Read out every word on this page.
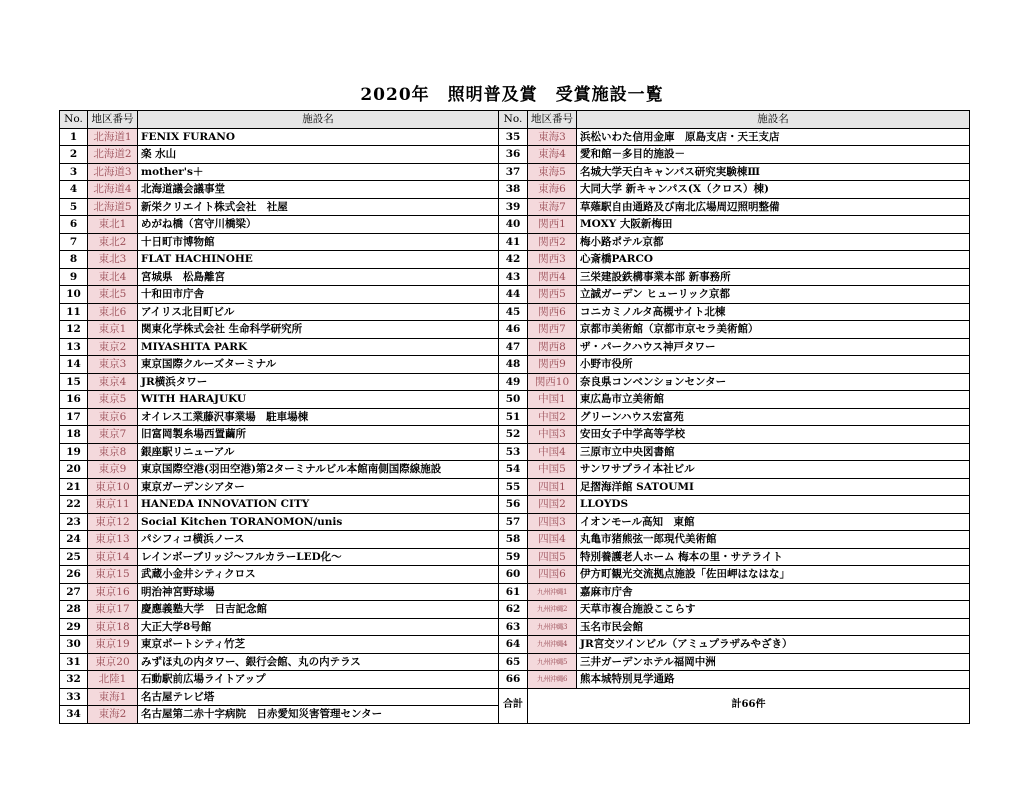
2020年　照明普及賞　受賞施設一覧
No.	地区番号	施設名
1	北海道1	FENIX FURANO
2	北海道2	楽 水山
3	北海道3	mother's＋
4	北海道4	北海道議会議事堂
5	北海道5	新栄クリエイト株式会社　社屋
6	東北1	めがね橋（宮守川橋梁）
7	東北2	十日町市博物館
8	東北3	FLAT HACHINOHE
9	東北4	宮城県　松島離宮
10	東北5	十和田市庁舎
11	東北6	アイリス北目町ビル
12	東京1	関東化学株式会社 生命科学研究所
13	東京2	MIYASHITA PARK
14	東京3	東京国際クルーズターミナル
15	東京4	JR横浜タワー
16	東京5	WITH HARAJUKU
17	東京6	オイレス工業藤沢事業場　駐車場棟
18	東京7	旧富岡製糸場西置繭所
19	東京8	銀座駅リニューアル
20	東京9	東京国際空港(羽田空港)第2ターミナルビル本館南側国際線施設
21	東京10	東京ガーデンシアター
22	東京11	HANEDA INNOVATION CITY
23	東京12	Social Kitchen TORANOMON/unis
24	東京13	パシフィコ横浜ノース
25	東京14	レインボーブリッジ〜フルカラーLED化〜
26	東京15	武蔵小金井シティクロス
27	東京16	明治神宮野球場
28	東京17	慶應義塾大学　日吉記念館
29	東京18	大正大学8号館
30	東京19	東京ポートシティ竹芝
31	東京20	みずほ丸の内タワー、銀行会館、丸の内テラス
32	北陸1	石動駅前広場ライトアップ
33	東海1	名古屋テレビ塔
34	東海2	名古屋第二赤十字病院　日赤愛知災害管理センター
No.	地区番号	施設名
35	東海3	浜松いわた信用金庫　原島支店・天王支店
36	東海4	愛和館－多目的施設－
37	東海5	名城大学天白キャンパス研究実験棟Ⅲ
38	東海6	大同大学 新キャンパス(X（クロス）棟)
39	東海7	草薙駅自由通路及び南北広場周辺照明整備
40	関西1	MOXY 大阪新梅田
41	関西2	梅小路ポテル京都
42	関西3	心斎橋PARCO
43	関西4	三栄建設鉄構事業本部 新事務所
44	関西5	立誠ガーデン ヒューリック京都
45	関西6	コニカミノルタ高槻サイト北棟
46	関西7	京都市美術館（京都市京セラ美術館）
47	関西8	ザ・パークハウス神戸タワー
48	関西9	小野市役所
49	関西10	奈良県コンベンションセンター
50	中国1	東広島市立美術館
51	中国2	グリーンハウス宏富苑
52	中国3	安田女子中学高等学校
53	中国4	三原市立中央図書館
54	中国5	サンワサプライ本社ビル
55	四国1	足摺海洋館 SATOUMI
56	四国2	LLOYDS
57	四国3	イオンモール高知　東館
58	四国4	丸亀市猪熊弦一郎現代美術館
59	四国5	特別養護老人ホーム 梅本の里・サテライト
60	四国6	伊方町観光交流拠点施設「佐田岬はなはな」
61	九州沖縄1	嘉麻市庁舎
62	九州沖縄2	天草市複合施設ここらす
63	九州沖縄3	玉名市民会館
64	九州沖縄4	JR宮交ツインビル（アミュプラザみやざき）
65	九州沖縄5	三井ガーデンホテル福岡中洲
66	九州沖縄6	熊本城特別見学通路
合計	計66件	
